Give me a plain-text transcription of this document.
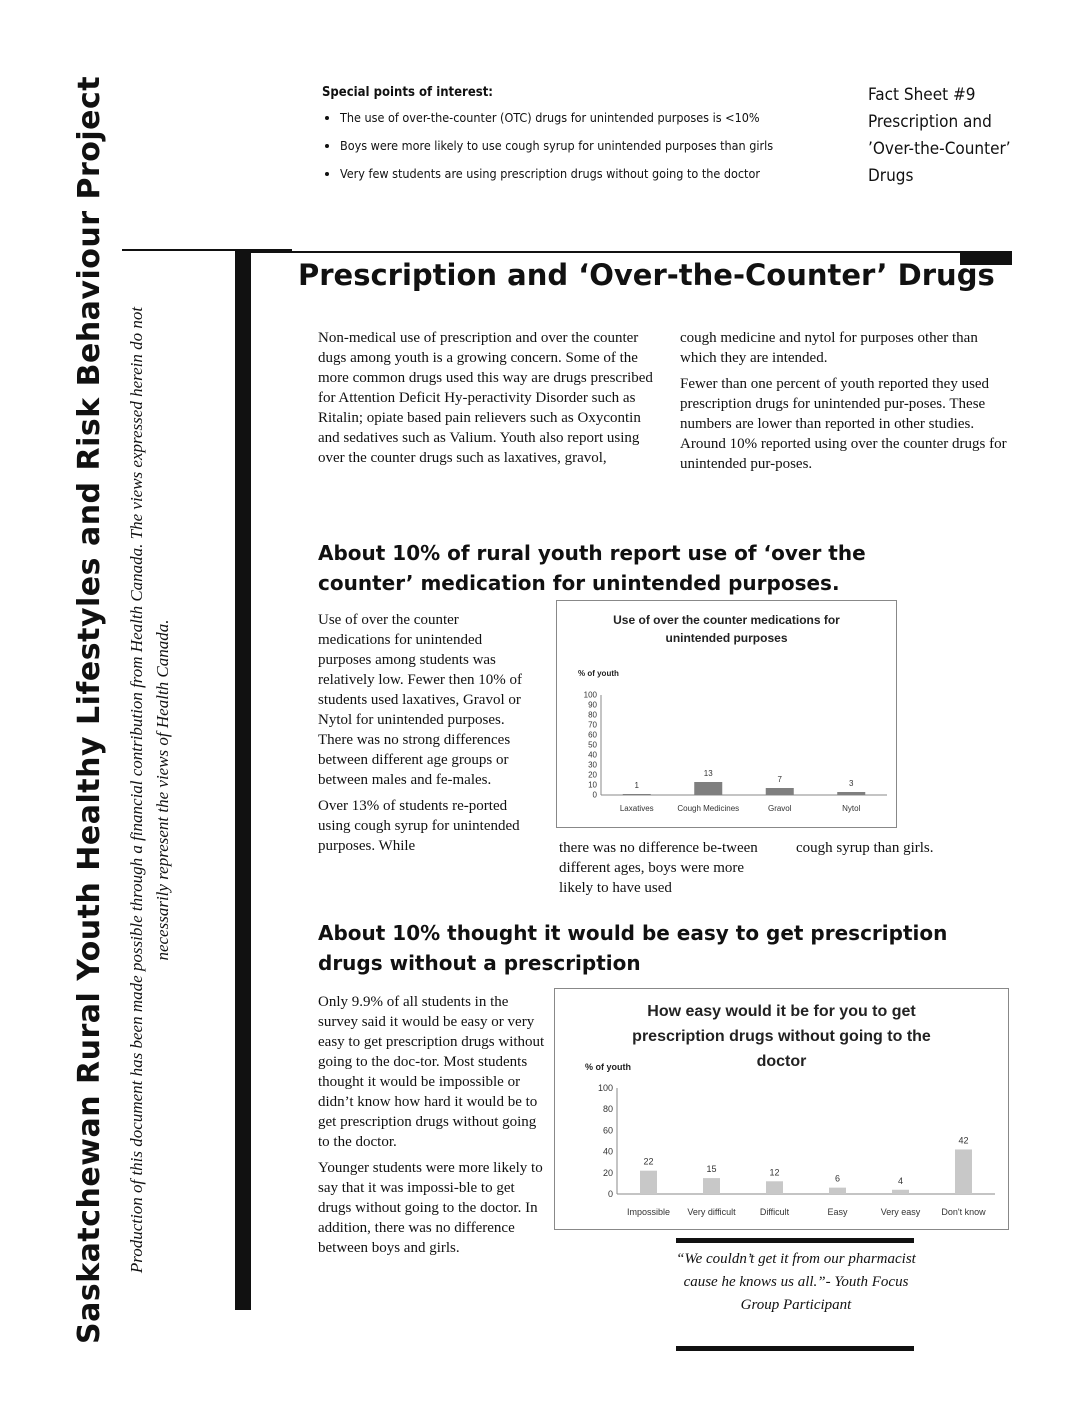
Saskatchewan Rural Youth Healthy Lifestyles and Risk Behaviour Project Production of this document has been made possible through a financial contribution from Health Canada. The views expressed herein do not necessarily represent the views of Health Canada.
Special points of interest:
• The use of over-the-counter (OTC) drugs for unintended purposes is <10%
• Boys were more likely to use cough syrup for unintended purposes than girls
• Very few students are using prescription drugs without going to the doctor
Fact Sheet #9
Prescription and
’Over-the-Counter’
Drugs
Prescription and ‘Over-the-Counter’ Drugs

Non-medical use of prescription and over the counter dugs among youth is a growing concern. Some of the more common drugs used this way are drugs prescribed for Attention Deficit Hy-peractivity Disorder such as Ritalin; opiate based pain relievers such as Oxycontin and sedatives such as Valium. Youth also report using over the counter drugs such as laxatives, gravol,

cough medicine and nytol for purposes other than which they are intended.

Fewer than one percent of youth reported they used prescription drugs for unintended pur-poses. These numbers are lower than reported in other studies. Around 10% reported using over the counter drugs for unintended pur-poses.

About 10% of rural youth report use of ‘over the counter’ medication for unintended purposes.

Use of over the counter medications for unintended purposes among students was relatively low. Fewer then 10% of students used laxatives, Gravol or Nytol for unintended purposes. There was no strong differences between different age groups or between males and fe-males.

Over 13% of students re-ported using cough syrup for unintended purposes. While	there was no difference be-tween different ages, boys were more likely to have used

cough syrup than girls.

Use of over the counter medications for unintended purposes
% of youth
0
10
20
30
40
50
60
70
80
90
100
1
Laxatives
13
Cough Medicines
7
Gravol
3
Nytol
About 10% thought it would be easy to get prescription drugs without a prescription

Only 9.9% of all students in the survey said it would be easy or very easy to get prescription drugs without going to the doc-tor. Most students thought it would be impossible or didn’t know how hard it would be to get prescription drugs without going to the doctor.

Younger students were more likely to say that it was impossi-ble to get drugs without going to the doctor. In addition, there was no difference between boys and girls.

How easy would it be for you to get prescription drugs without going to the doctor
% of youth
0
20
40
60
80
100
22
Impossible
15
Very difficult
12
Difficult
6
Easy
4
Very easy
42
Don't know
“We couldn’t get it from our pharmacist cause he knows us all.”- Youth Focus Group Participant
